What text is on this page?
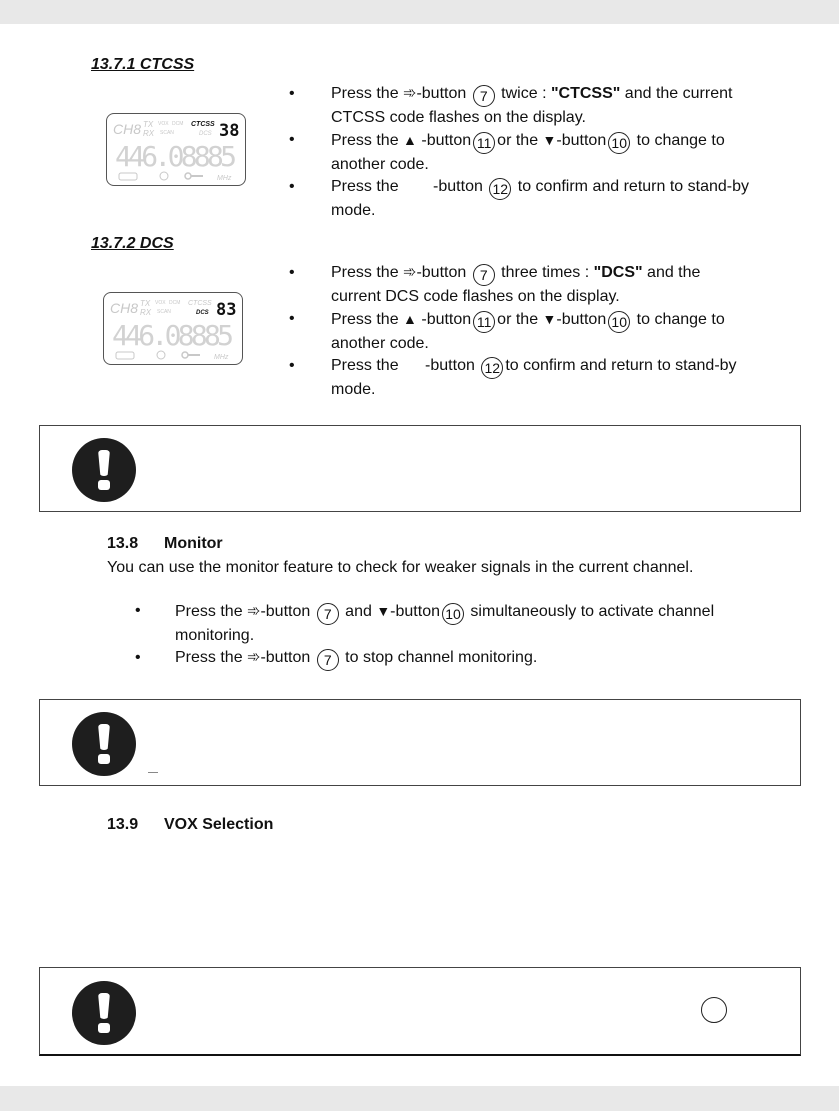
13.7.1 CTCSS
CH8 TX
RX
VOX DCM
SCAN
CTCSS
DCS 38
446.08885
MHz
• Press the ➾-button 7 twice : "CTCSS" and the current
CTCSS code flashes on the display.
• Press the ▲ -button 11 or the ▼-button 10 to change to
another code.
• Press the -button 12 to confirm and return to stand-by
mode.
13.7.2 DCS
CH8 TX
RX
VOX DCM
SCAN
CTCSS
DCS 83
446.08885
MHz
• Press the ➾-button 7 three times : "DCS" and the
current DCS code flashes on the display.
• Press the ▲ -button 11 or the ▼-button 10 to change to
another code.
• Press the -button 12 to confirm and return to stand-by
mode.
13.8 Monitor
You can use the monitor feature to check for weaker signals in the current channel.
• Press the ➾-button 7 and ▼-button 10 simultaneously to activate channel
monitoring.
• Press the ➾-button 7 to stop channel monitoring.
13.9 VOX Selection
